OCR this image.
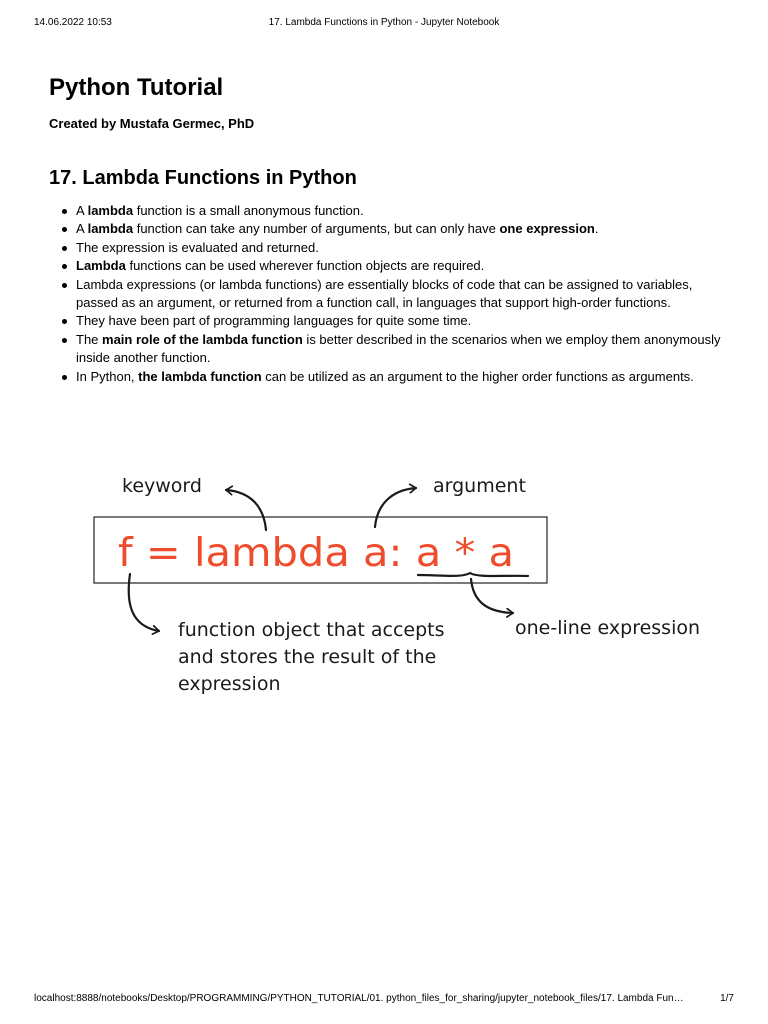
14.06.2022 10:53	17. Lambda Functions in Python - Jupyter Notebook
Python Tutorial

Created by Mustafa Germec, PhD

17. Lambda Functions in Python
A lambda function is a small anonymous function.
A lambda function can take any number of arguments, but can only have one expression.
The expression is evaluated and returned.
Lambda functions can be used wherever function objects are required.
Lambda expressions (or lambda functions) are essentially blocks of code that can be assigned to variables, passed as an argument, or returned from a function call, in languages that support high-order functions.
They have been part of programming languages for quite some time.
The main role of the lambda function is better described in the scenarios when we employ them anonymously inside another function.
In Python, the lambda function can be utilized as an argument to the higher order functions as arguments.
keyword	argument
f = lambda a: a * a
one-line expression
function object that accepts
and stores the result of the
expression
localhost:8888/notebooks/Desktop/PROGRAMMING/PYTHON_TUTORIAL/01. python_files_for_sharing/jupyter_notebook_files/17. Lambda Fun…	1/7
